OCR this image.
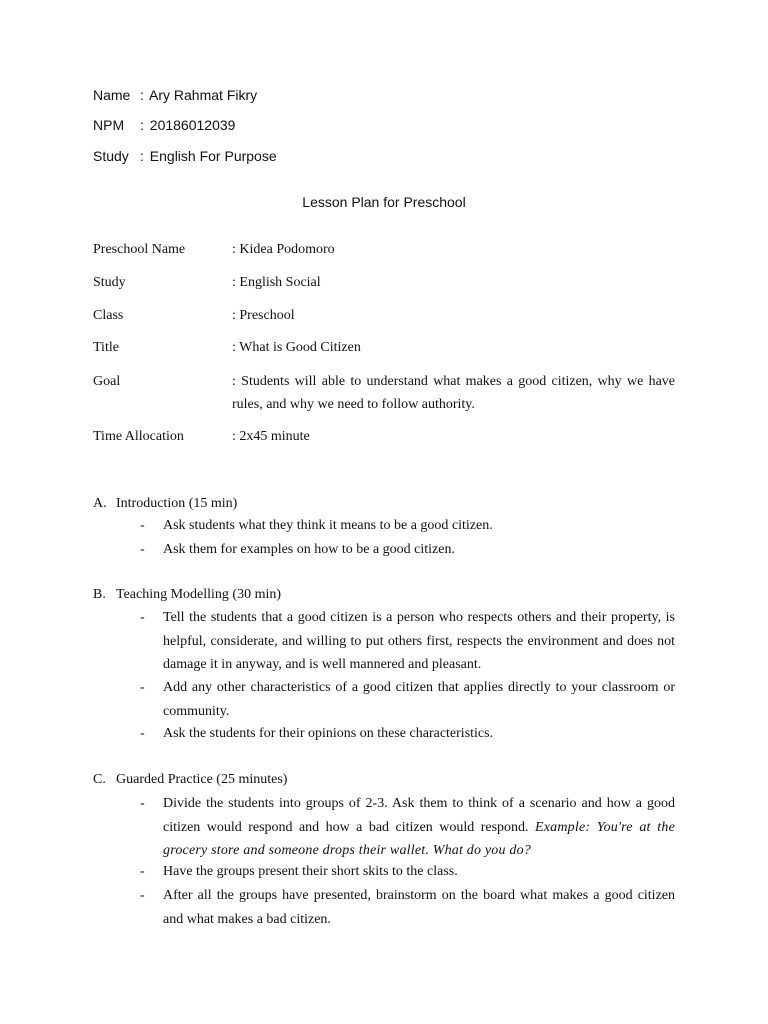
Name : Ary Rahmat Fikry
NPM : 20186012039
Study : English For Purpose
Lesson Plan for Preschool
Preschool Name	: Kidea Podomoro
Study	: English Social
Class	: Preschool
Title	: What is Good Citizen
Goal	: Students will able to understand what makes a good citizen, why we have rules, and why we need to follow authority.
Time Allocation	: 2x45 minute
A. Introduction (15 min)
- Ask students what they think it means to be a good citizen.
- Ask them for examples on how to be a good citizen.
B. Teaching Modelling (30 min)
- Tell the students that a good citizen is a person who respects others and their property, is helpful, considerate, and willing to put others first, respects the environment and does not damage it in anyway, and is well mannered and pleasant.
- Add any other characteristics of a good citizen that applies directly to your classroom or community.
- Ask the students for their opinions on these characteristics.
C. Guarded Practice (25 minutes)
- Divide the students into groups of 2-3. Ask them to think of a scenario and how a good citizen would respond and how a bad citizen would respond. Example: You're at the grocery store and someone drops their wallet. What do you do?
- Have the groups present their short skits to the class.
- After all the groups have presented, brainstorm on the board what makes a good citizen and what makes a bad citizen.
